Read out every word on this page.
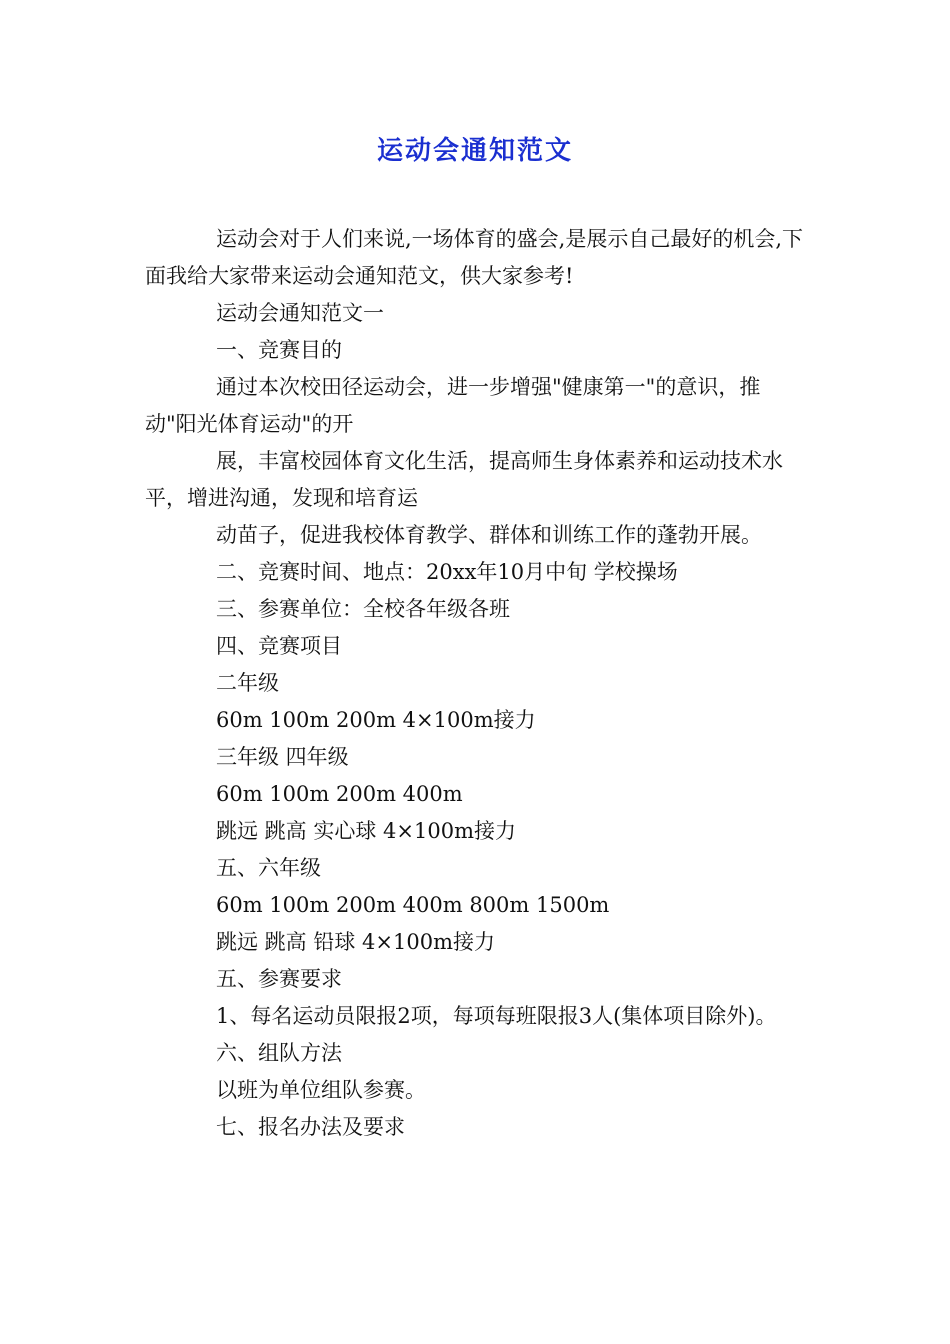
运动会通知范文

运动会对于人们来说,一场体育的盛会,是展示自己最好的机会,下面我给大家带来运动会通知范文，供大家参考!

运动会通知范文一

一、竞赛目的

通过本次校田径运动会，进一步增强"健康第一"的意识，推动"阳光体育运动"的开

展，丰富校园体育文化生活，提高师生身体素养和运动技术水平，增进沟通，发现和培育运

动苗子，促进我校体育教学、群体和训练工作的蓬勃开展。

二、竞赛时间、地点：20xx年10月中旬 学校操场

三、参赛单位：全校各年级各班

四、竞赛项目

二年级

60m 100m 200m 4×100m接力

三年级 四年级

60m 100m 200m 400m

跳远 跳高 实心球 4×100m接力

五、六年级

60m 100m 200m 400m 800m 1500m

跳远 跳高 铅球 4×100m接力

五、参赛要求

1、每名运动员限报2项，每项每班限报3人(集体项目除外)。

六、组队方法

以班为单位组队参赛。

七、报名办法及要求
